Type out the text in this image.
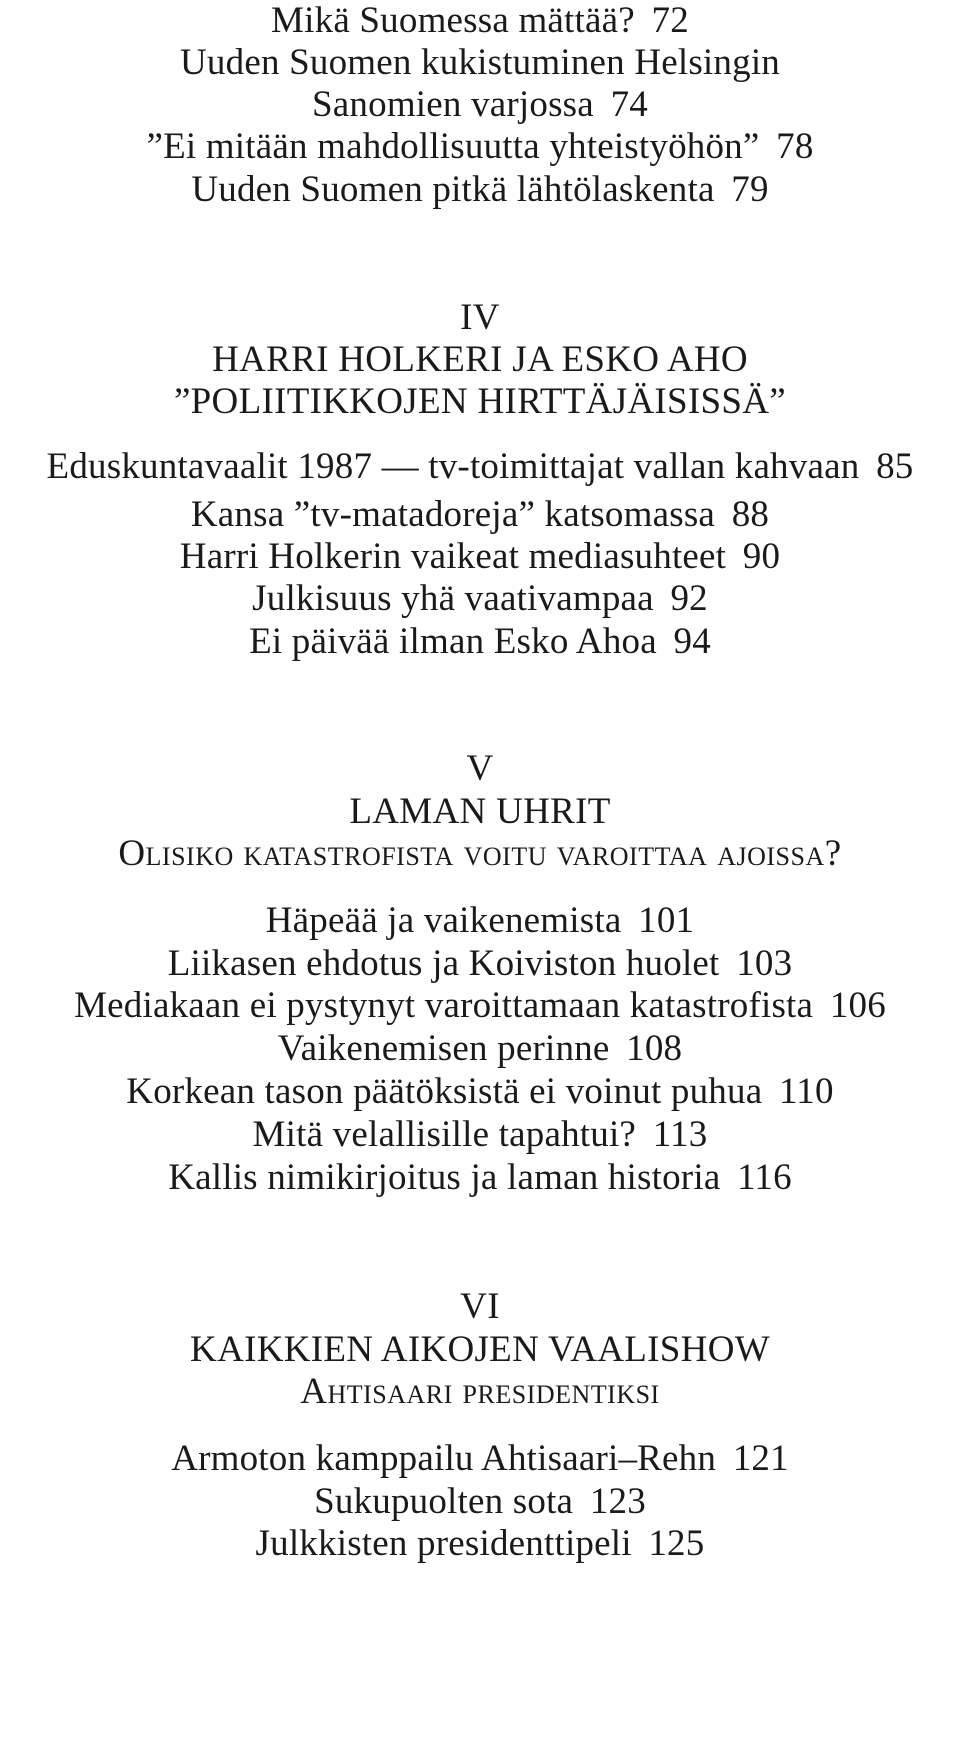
Mikä Suomessa mättää? 72
Uuden Suomen kukistuminen Helsingin
Sanomien varjossa 74
”Ei mitään mahdollisuutta yhteistyöhön” 78
Uuden Suomen pitkä lähtölaskenta 79
IV
HARRI HOLKERI JA ESKO AHO
”POLIITIKKOJEN HIRTTÄJÄISISSÄ”
Eduskuntavaalit 1987 — tv-toimittajat vallan kahvaan 85
Kansa ”tv-matadoreja” katsomassa 88
Harri Holkerin vaikeat mediasuhteet 90
Julkisuus yhä vaativampaa 92
Ei päivää ilman Esko Ahoa 94
V
LAMAN UHRIT
Olisiko katastrofista voitu varoittaa ajoissa?
Häpeää ja vaikenemista 101
Liikasen ehdotus ja Koiviston huolet 103
Mediakaan ei pystynyt varoittamaan katastrofista 106
Vaikenemisen perinne 108
Korkean tason päätöksistä ei voinut puhua 110
Mitä velallisille tapahtui? 113
Kallis nimikirjoitus ja laman historia 116
VI
KAIKKIEN AIKOJEN VAALISHOW
Ahtisaari presidentiksi
Armoton kamppailu Ahtisaari–Rehn 121
Sukupuolten sota 123
Julkkisten presidenttipeli 125
